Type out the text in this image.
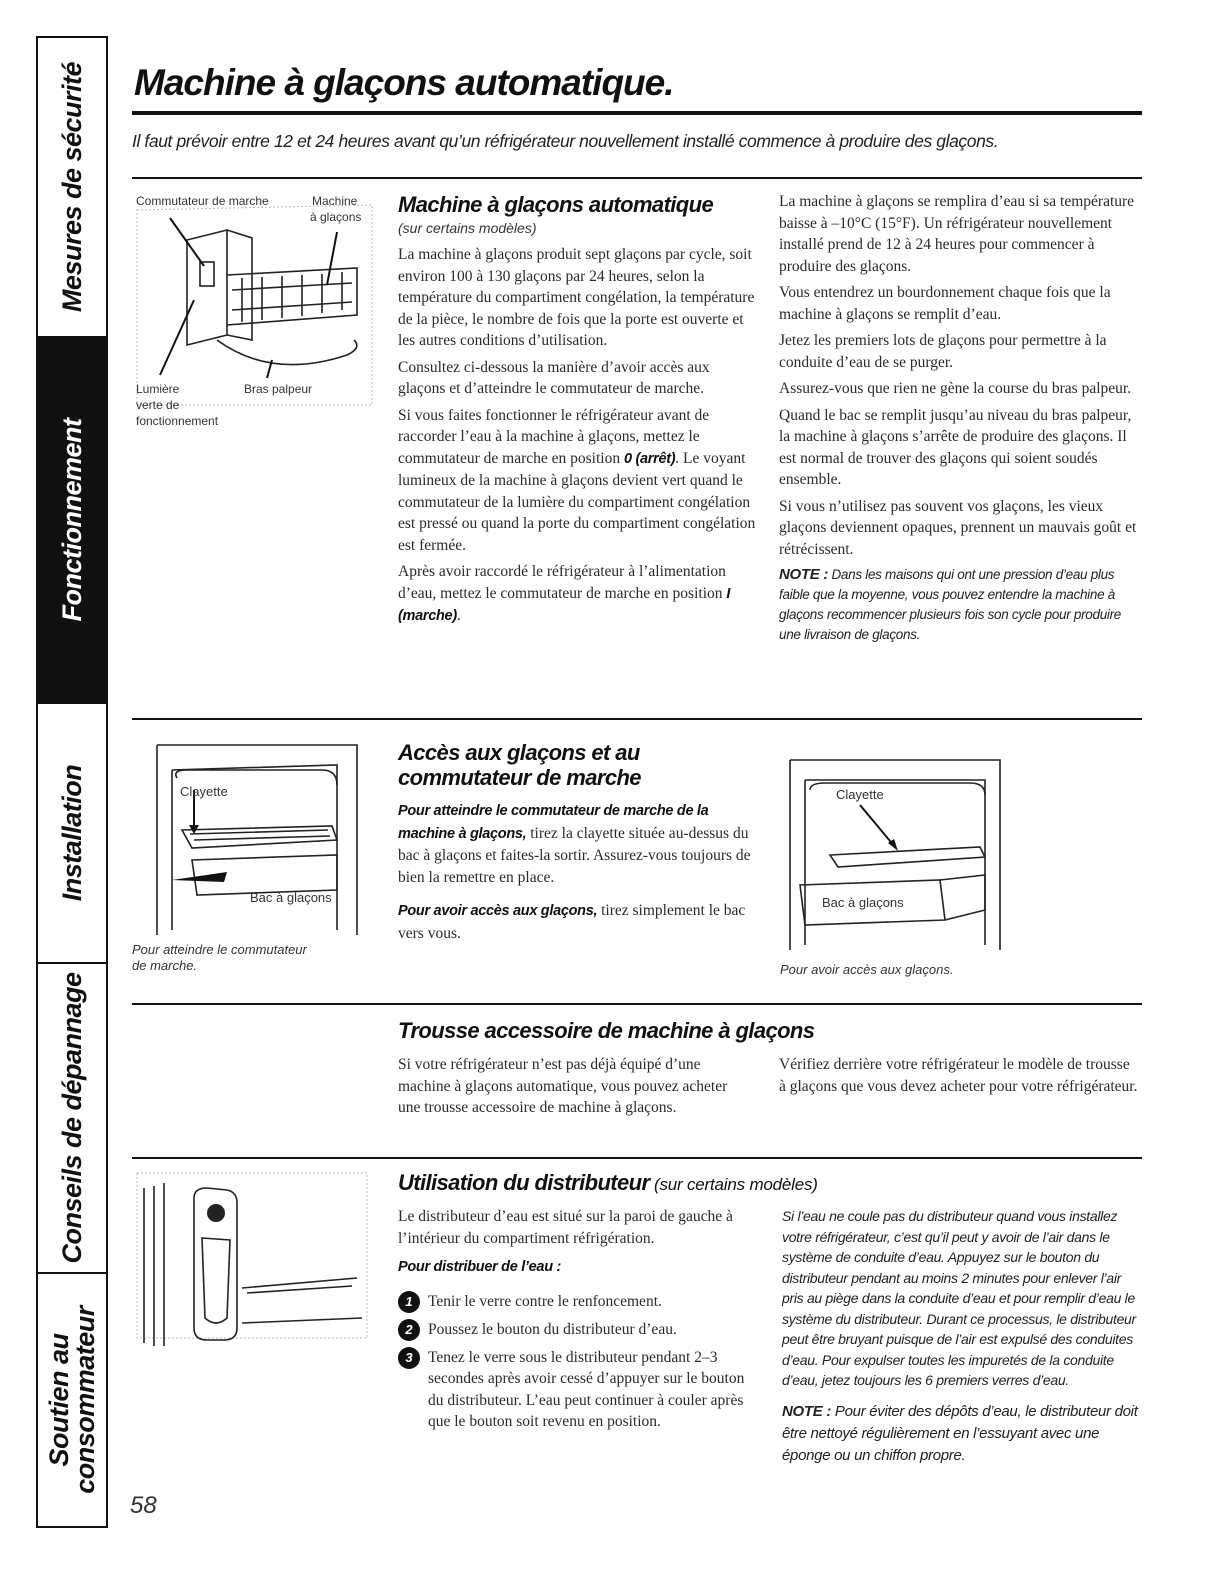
Mesures de sécurité
Fonctionnement
Installation
Conseils de dépannage
Soutien au
consommateur
Machine à glaçons automatique.
Il faut prévoir entre 12 et 24 heures avant qu’un réfrigérateur nouvellement installé commence à produire des glaçons.
Commutateur de marche	Machine
à glaçons
Lumière
verte de
fonctionnement
Bras palpeur
Machine à glaçons automatique
(sur certains modèles)
La machine à glaçons produit sept glaçons par cycle, soit environ 100 à 130 glaçons par 24 heures, selon la température du compartiment congélation, la température de la pièce, le nombre de fois que la porte est ouverte et les autres conditions d’utilisation.
Consultez ci-dessous la manière d’avoir accès aux glaçons et d’atteindre le commutateur de marche.
Si vous faites fonctionner le réfrigérateur avant de raccorder l’eau à la machine à glaçons, mettez le commutateur de marche en position 0 (arrêt). Le voyant lumineux de la machine à glaçons devient vert quand le commutateur de la lumière du compartiment congélation est pressé ou quand la porte du compartiment congélation est fermée.
Après avoir raccordé le réfrigérateur à l’alimentation d’eau, mettez le commutateur de marche en position I (marche).
La machine à glaçons se remplira d’eau si sa température baisse à –10°C (15°F). Un réfrigérateur nouvellement installé prend de 12 à 24 heures pour commencer à produire des glaçons.
Vous entendrez un bourdonnement chaque fois que la machine à glaçons se remplit d’eau.
Jetez les premiers lots de glaçons pour permettre à la conduite d’eau de se purger.
Assurez-vous que rien ne gène la course du bras palpeur.
Quand le bac se remplit jusqu’au niveau du bras palpeur, la machine à glaçons s’arrête de produire des glaçons. Il est normal de trouver des glaçons qui soient soudés ensemble.
Si vous n’utilisez pas souvent vos glaçons, les vieux glaçons deviennent opaques, prennent un mauvais goût et rétrécissent.
NOTE : Dans les maisons qui ont une pression d’eau plus faible que la moyenne, vous pouvez entendre la machine à glaçons recommencer plusieurs fois son cycle pour produire une livraison de glaçons.
Clayette
Bac à glaçons
Pour atteindre le commutateur
de marche.
Accès aux glaçons et au
commutateur de marche
Pour atteindre le commutateur de marche de la machine à glaçons, tirez la clayette située au-dessus du bac à glaçons et faites-la sortir. Assurez-vous toujours de bien la remettre en place.
Pour avoir accès aux glaçons, tirez simplement le bac vers vous.
Clayette
Bac à glaçons
Pour avoir accès aux glaçons.
Trousse accessoire de machine à glaçons
Si votre réfrigérateur n’est pas déjà équipé d’une machine à glaçons automatique, vous pouvez acheter une trousse accessoire de machine à glaçons.
Vérifiez derrière votre réfrigérateur le modèle de trousse à glaçons que vous devez acheter pour votre réfrigérateur.
Utilisation du distributeur (sur certains modèles)
Le distributeur d’eau est situé sur la paroi de gauche à l’intérieur du compartiment réfrigération.
Pour distribuer de l’eau :
1 Tenir le verre contre le renfoncement.
2 Poussez le bouton du distributeur d’eau.
3 Tenez le verre sous le distributeur pendant 2–3 secondes après avoir cessé d’appuyer sur le bouton du distributeur. L’eau peut continuer à couler après que le bouton soit revenu en position.
Si l’eau ne coule pas du distributeur quand vous installez votre réfrigérateur, c’est qu’il peut y avoir de l’air dans le système de conduite d’eau. Appuyez sur le bouton du distributeur pendant au moins 2 minutes pour enlever l’air pris au piège dans la conduite d’eau et pour remplir d’eau le système du distributeur. Durant ce processus, le distributeur peut être bruyant puisque de l’air est expulsé des conduites d’eau. Pour expulser toutes les impuretés de la conduite d’eau, jetez toujours les 6 premiers verres d’eau.
NOTE : Pour éviter des dépôts d’eau, le distributeur doit être nettoyé régulièrement en l’essuyant avec une éponge ou un chiffon propre.
58
